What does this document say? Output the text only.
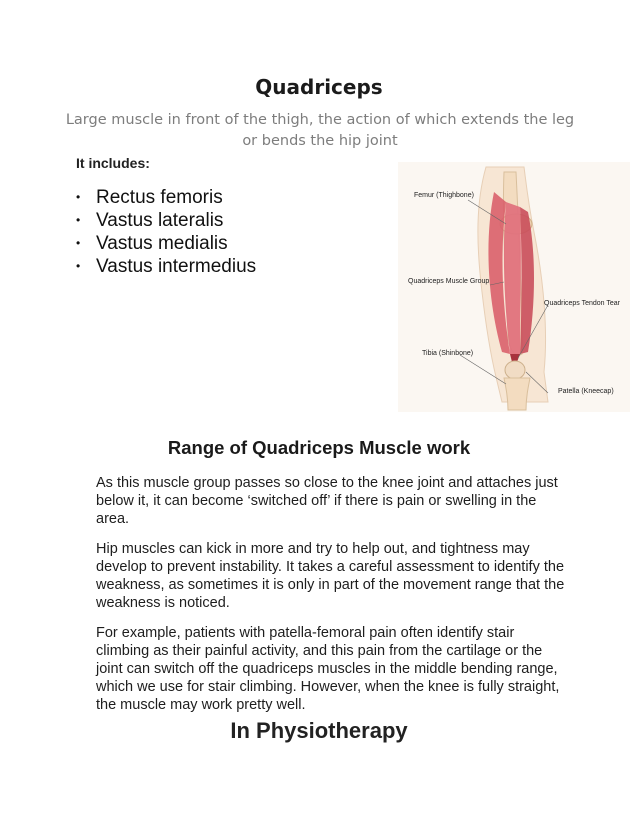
Quadriceps
Large muscle in front of the thigh, the action of which extends the leg or bends the hip joint
It includes:
• Rectus femoris
• Vastus lateralis
• Vastus medialis
• Vastus intermedius
Femur (Thighbone)
Quadriceps Muscle Group
Quadriceps Tendon Tear
Tibia (Shinbone)
Patella (Kneecap)
Range of Quadriceps Muscle work
As this muscle group passes so close to the knee joint and attaches just below it, it can become ‘switched off’ if there is pain or swelling in the area.
Hip muscles can kick in more and try to help out, and tightness may develop to prevent instability. It takes a careful assessment to identify the weakness, as sometimes it is only in part of the movement range that the weakness is noticed.
For example, patients with patella-femoral pain often identify stair climbing as their painful activity, and this pain from the cartilage or the joint can switch off the quadriceps muscles in the middle bending range, which we use for stair climbing. However, when the knee is fully straight, the muscle may work pretty well.
In Physiotherapy
